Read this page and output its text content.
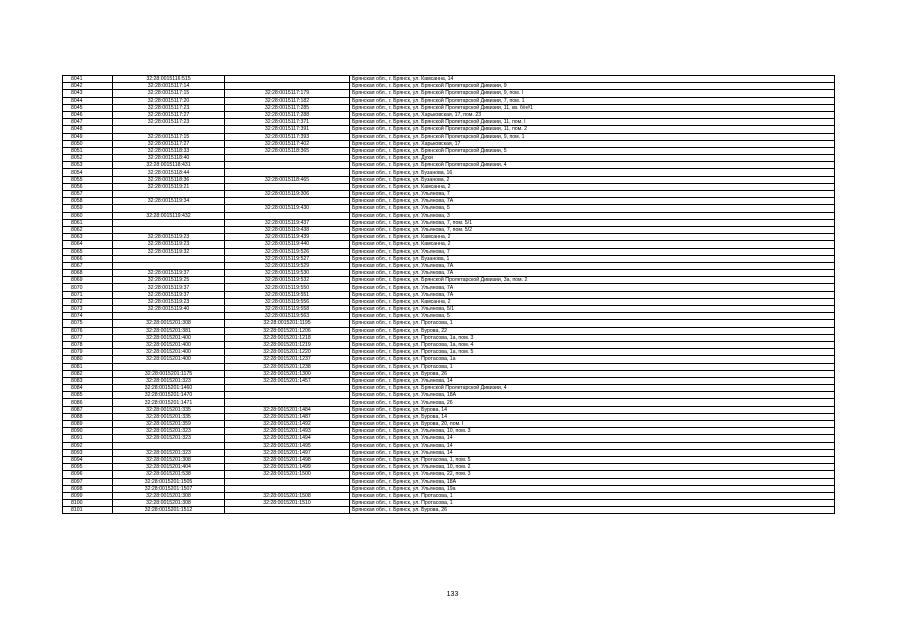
8041	32:28:0015116:515		Брянская обл., г. Брянск, ул. Камсанна, 14
8042	32:28:0015117:14		Брянская обл., г. Брянск, ул. Брянской Пролетарской Дивизии, 9
8043	32:28:0015117:15	32:28:0015117:179	Брянская обл., г. Брянск, ул. Брянской Пролетарской Дивизии, 9, пом. I
8044	32:28:0015117:20	32:28:0015117:182	Брянская обл., г. Брянск, ул. Брянской Пролетарской Дивизии, 7, пом. 1
8045	32:28:0015117:23	32:28:0015117:285	Брянская обл., г. Брянск, ул. Брянской Пролетарской Дивизии, 11, кв. б/н#1
8046	32:28:0015117:27	32:28:0015117:288	Брянская обл., г. Брянск, ул. Харьковская, 17, пом. 23
8047	32:28:0015117:23	32:28:0015117:371	Брянская обл., г. Брянск, ул. Брянской Пролетарской Дивизии, 11, пом. I
8048		32:28:0015117:391	Брянская обл., г. Брянск, ул. Брянской Пролетарской Дивизии, 11, пом. 2
8049	32:28:0015117:15	32:28:0015117:393	Брянская обл., г. Брянск, ул. Брянской Пролетарской Дивизии, 9, пом. 1
8050	32:28:0015117:27	32:28:0015117:402	Брянская обл., г. Брянск, ул. Харьковская, 17
8051	32:28:0015118:33	32:28:0015118:365	Брянская обл., г. Брянск, ул. Брянской Пролетарской Дивизии, 5
8052	32:28:0015118:40		Брянская обл., г. Брянск, ул. Духи
8053	32:28:0015118:431		Брянская обл., г. Брянск, ул. Брянской Пролетарской Дивизии, 4
8054	32:28:0015118:44		Брянская обл., г. Брянск, ул. Бузанова, 16
8055	32:28:0015118:36	32:28:0015118:465	Брянская обл., г. Брянск, ул. Бузанова, 2
8056	32:28:0015119:21		Брянская обл., г. Брянск, ул. Камсанна, 2
8057		32:28:0015119:306	Брянская обл., г. Брянск, ул. Ульянова, 7
8058	32:28:0015119:34		Брянская обл., г. Брянск, ул. Ульянова, 7А
8059		32:28:0015119:430	Брянская обл., г. Брянск, ул. Ульянова, 5
8060	32:28:0015119:432		Брянская обл., г. Брянск, ул. Ульянова, 3
8061		32:28:0015119:437	Брянская обл., г. Брянск, ул. Ульянова, 7, пом. 5/1
8062		32:28:0015119:438	Брянская обл., г. Брянск, ул. Ульянова, 7, пом. 5/2
8063	32:28:0015119:23	32:28:0015119:439	Брянская обл., г. Брянск, ул. Камсанна, 2
8064	32:28:0015119:23	32:28:0015119:440	Брянская обл., г. Брянск, ул. Камсанна, 2
8065	32:28:0015119:32	32:28:0015119:526	Брянская обл., г. Брянск, ул. Ульянова, 7
8066		32:28:0015119:527	Брянская обл., г. Брянск, ул. Бузанова, 1
8067		32:28:0015119:529	Брянская обл., г. Брянск, ул. Ульянова, 7А
8068	32:28:0015119:37	32:28:0015119:530	Брянская обл., г. Брянск, ул. Ульянова, 7А
8069	32:28:0015119:25	32:28:0015119:532	Брянская обл., г. Брянск, ул. Брянской Пролетарской Дивизии, 3а, пом. 2
8070	32:28:0015119:37	32:28:0015119:550	Брянская обл., г. Брянск, ул. Ульянова, 7А
8071	32:28:0015119:37	32:28:0015119:551	Брянская обл., г. Брянск, ул. Ульянова, 7А
8072	32:28:0015119:23	32:28:0015119:556	Брянская обл., г. Брянск, ул. Камсанна, 2
8073	32:28:0015119:40	32:28:0015119:558	Брянская обл., г. Брянск, ул. Ульянова, 5/1
8074		32:28:0015119:563	Брянская обл., г. Брянск, ул. Ульянова, 5
8075	32:28:0015201:308	32:28:0015201:1195	Брянская обл., г. Брянск, ул. Протасова, 1
8076	32:28:0015201:381	32:28:0015201:1206	Брянская обл., г. Брянск, ул. Бурова, 22
8077	32:28:0015201:400	32:28:0015201:1218	Брянская обл., г. Брянск, ул. Протасова, 1а, пом. 3
8078	32:28:0015201:400	32:28:0015201:1219	Брянская обл., г. Брянск, ул. Протасова, 1а, пом. 4
8079	32:28:0015201:400	32:28:0015201:1220	Брянская обл., г. Брянск, ул. Протасова, 1а, пом. 5
8080	32:28:0015201:400	32:28:0015201:1237	Брянская обл., г. Брянск, ул. Протасова, 1а
8081		32:28:0015201:1238	Брянская обл., г. Брянск, ул. Протасова, 1
8082	32:28:0015201:1175	32:28:0015201:1300	Брянская обл., г. Брянск, ул. Бурова, 26
8083	32:28:0015201:323	32:28:0015201:1457	Брянская обл., г. Брянск, ул. Ульянова, 14
8084	32:28:0015201:1460		Брянская обл., г. Брянск, ул. Брянской Пролетарской Дивизии, 4
8085	32:28:0015201:1470		Брянская обл., г. Брянск, ул. Ульянова, 18А
8086	32:28:0015201:1471		Брянская обл., г. Брянск, ул. Ульянова, 26
8087	32:28:0015201:335	32:28:0015201:1484	Брянская обл., г. Брянск, ул. Бурова, 14
8088	32:28:0015201:335	32:28:0015201:1487	Брянская обл., г. Брянск, ул. Бурова, 14
8089	32:28:0015201:359	32:28:0015201:1492	Брянская обл., г. Брянск, ул. Бурова, 20, пом. I
8090	32:28:0015201:323	32:28:0015201:1493	Брянская обл., г. Брянск, ул. Ульянова, 10, пом. 3
8091	32:28:0015201:323	32:28:0015201:1494	Брянская обл., г. Брянск, ул. Ульянова, 14
8092		32:28:0015201:1495	Брянская обл., г. Брянск, ул. Ульянова, 14
8093	32:28:0015201:323	32:28:0015201:1497	Брянская обл., г. Брянск, ул. Ульянова, 14
8094	32:28:0015201:308	32:28:0015201:1498	Брянская обл., г. Брянск, ул. Протасова, 1, пом. 5
8095	32:28:0015201:404	32:28:0015201:1499	Брянская обл., г. Брянск, ул. Ульянова, 10, пом. 2
8096	32:28:0015201:538	32:28:0015201:1500	Брянская обл., г. Брянск, ул. Ульянова, 22, пом. 3
8097	32:28:0015201:1505		Брянская обл., г. Брянск, ул. Ульянова, 18А
8098	32:28:0015201:1507		Брянская обл., г. Брянск, ул. Ульянова, 19а
8099	32:28:0015201:308	32:28:0015201:1508	Брянская обл., г. Брянск, ул. Протасова, 1
8100	32:28:0015201:308	32:28:0015201:1510	Брянская обл., г. Брянск, ул. Протасова, 1
8101	32:28:0015201:1512		Брянская обл., г. Брянск, ул. Бурова, 26
133
